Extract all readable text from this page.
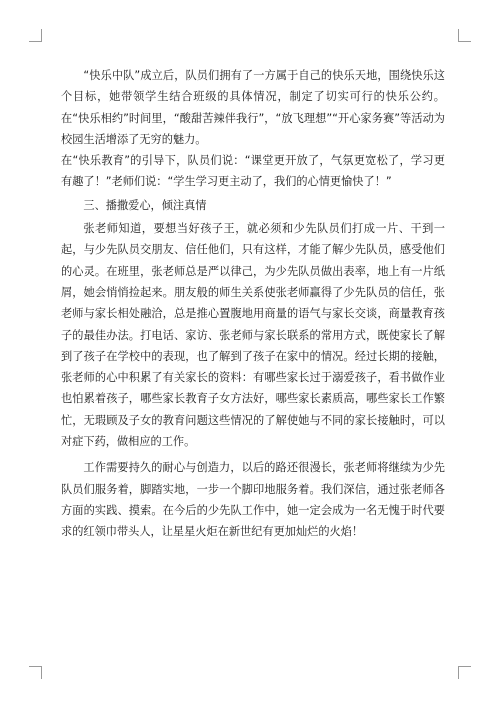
“快乐中队”成立后，队员们拥有了一方属于自己的快乐天地，围绕快乐这个目标，她带领学生结合班级的具体情况，制定了切实可行的快乐公约。在“快乐相约”时间里，“酸甜苦辣伴我行”，“放飞理想”“开心家务赛”等活动为校园生活增添了无穷的魅力。

在“快乐教育”的引导下，队员们说：“课堂更开放了，气氛更宽松了，学习更有趣了！”老师们说：“学生学习更主动了，我们的心情更愉快了！”

三、播撒爱心，倾注真情

张老师知道，要想当好孩子王，就必须和少先队员们打成一片、干到一起，与少先队员交朋友、信任他们，只有这样，才能了解少先队员，感受他们的心灵。在班里，张老师总是严以律己，为少先队员做出表率，地上有一片纸屑，她会悄悄捡起来。朋友般的师生关系使张老师赢得了少先队员的信任，张老师与家长相处融洽，总是推心置腹地用商量的语气与家长交谈，商量教育孩子的最佳办法。打电话、家访、张老师与家长联系的常用方式，既使家长了解到了孩子在学校中的表现，也了解到了孩子在家中的情况。经过长期的接触，张老师的心中积累了有关家长的资料：有哪些家长过于溺爱孩子，看书做作业也怕累着孩子，哪些家长教育子女方法好，哪些家长素质高，哪些家长工作繁忙，无瑕顾及子女的教育问题这些情况的了解使她与不同的家长接触时，可以对症下药，做相应的工作。

工作需要持久的耐心与创造力，以后的路还很漫长，张老师将继续为少先队员们服务着，脚踏实地，一步一个脚印地服务着。我们深信，通过张老师各方面的实践、摸索。在今后的少先队工作中，她一定会成为一名无愧于时代要求的红领巾带头人，让星星火炬在新世纪有更加灿烂的火焰！
